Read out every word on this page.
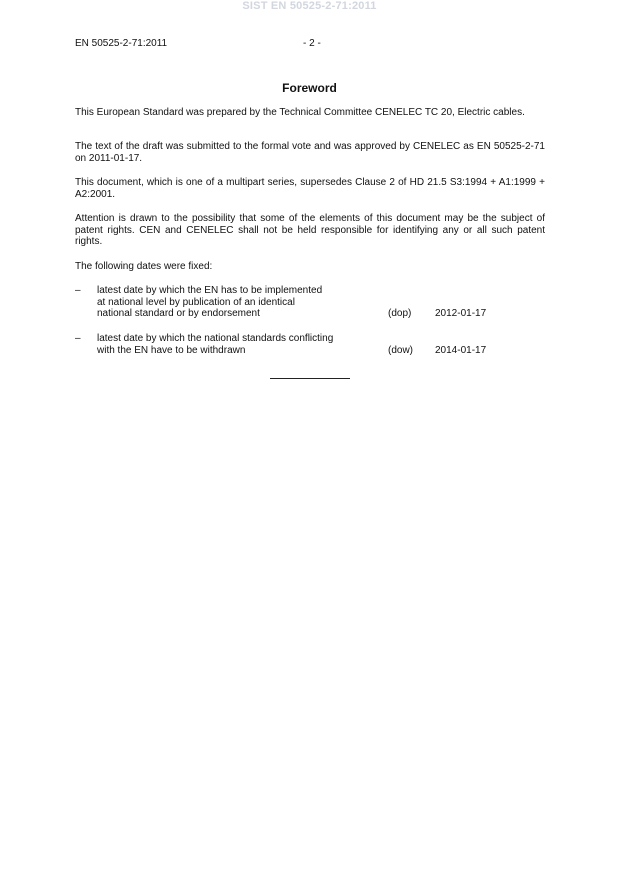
SIST EN 50525-2-71:2011
EN 50525-2-71:2011	- 2 -
Foreword

This European Standard was prepared by the Technical Committee CENELEC TC 20, Electric cables.

The text of the draft was submitted to the formal vote and was approved by CENELEC as EN 50525-2-71 on 2011-01-17.

This document, which is one of a multipart series, supersedes Clause 2 of HD 21.5 S3:1994 + A1:1999 + A2:2001.

Attention is drawn to the possibility that some of the elements of this document may be the subject of patent rights. CEN and CENELEC shall not be held responsible for identifying any or all such patent rights.

The following dates were fixed:

– latest date by which the EN has to be implemented
at national level by publication of an identical
national standard or by endorsement	(dop) 2012-01-17
– latest date by which the national standards conflicting
with the EN have to be withdrawn	(dow) 2014-01-17
